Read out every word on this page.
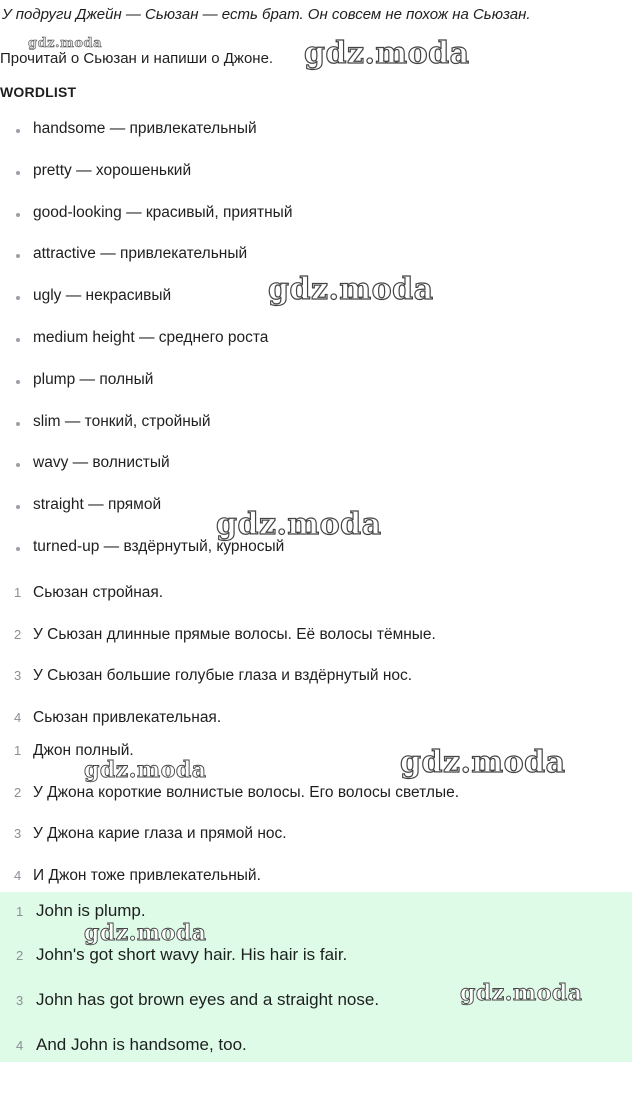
У подруги Джейн — Сьюзан — есть брат. Он совсем не похож на Сьюзан.
Прочитай о Сьюзан и напиши о Джоне.
WORDLIST
handsome — привлекательный
pretty — хорошенький
good-looking — красивый, приятный
attractive — привлекательный
ugly — некрасивый
medium height — среднего роста
plump — полный
slim — тонкий, стройный
wavy — волнистый
straight — прямой
turned-up — вздёрнутый, курносый
1 Сьюзан стройная.
2 У Сьюзан длинные прямые волосы. Её волосы тёмные.
3 У Сьюзан большие голубые глаза и вздёрнутый нос.
4 Сьюзан привлекательная.
1 Джон полный.
2 У Джона короткие волнистые волосы. Его волосы светлые.
3 У Джона карие глаза и прямой нос.
4 И Джон тоже привлекательный.
1 John is plump.
2 John's got short wavy hair. His hair is fair.
3 John has got brown eyes and a straight nose.
4 And John is handsome, too.
gdz.moda	gdz.moda
gdz.moda
gdz.moda
gdz.moda
gdz.moda
gdz.moda
gdz.moda
